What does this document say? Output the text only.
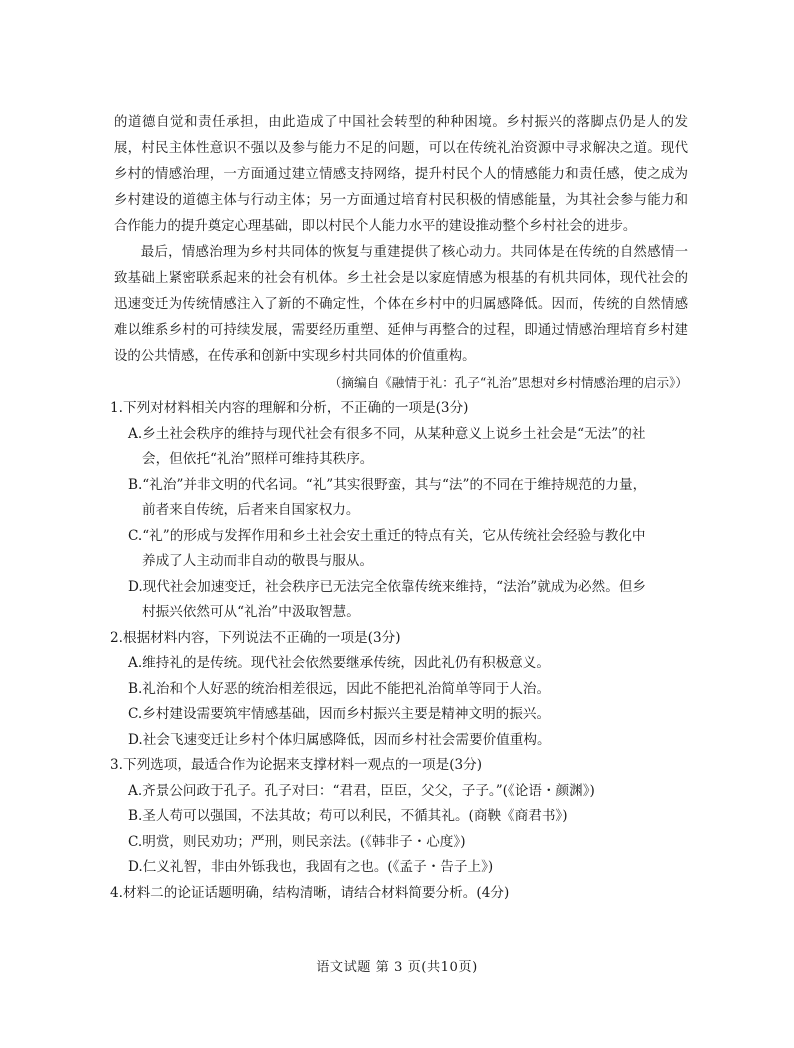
的道德自觉和责任承担，由此造成了中国社会转型的种种困境。乡村振兴的落脚点仍是人的发展，村民主体性意识不强以及参与能力不足的问题，可以在传统礼治资源中寻求解决之道。现代乡村的情感治理，一方面通过建立情感支持网络，提升村民个人的情感能力和责任感，使之成为乡村建设的道德主体与行动主体；另一方面通过培育村民积极的情感能量，为其社会参与能力和合作能力的提升奠定心理基础，即以村民个人能力水平的建设推动整个乡村社会的进步。

最后，情感治理为乡村共同体的恢复与重建提供了核心动力。共同体是在传统的自然感情一致基础上紧密联系起来的社会有机体。乡土社会是以家庭情感为根基的有机共同体，现代社会的迅速变迁为传统情感注入了新的不确定性，个体在乡村中的归属感降低。因而，传统的自然情感难以维系乡村的可持续发展，需要经历重塑、延伸与再整合的过程，即通过情感治理培育乡村建设的公共情感，在传承和创新中实现乡村共同体的价值重构。

（摘编自《融情于礼：孔子“礼治”思想对乡村情感治理的启示》）

1.下列对材料相关内容的理解和分析，不正确的一项是(3分)

A.乡土社会秩序的维持与现代社会有很多不同，从某种意义上说乡土社会是“无法”的社
会，但依托“礼治”照样可维持其秩序。

B.“礼治”并非文明的代名词。“礼”其实很野蛮，其与“法”的不同在于维持规范的力量，
前者来自传统，后者来自国家权力。

C.“礼”的形成与发挥作用和乡土社会安土重迁的特点有关，它从传统社会经验与教化中
养成了人主动而非自动的敬畏与服从。

D.现代社会加速变迁，社会秩序已无法完全依靠传统来维持，“法治”就成为必然。但乡
村振兴依然可从“礼治”中汲取智慧。

2.根据材料内容，下列说法不正确的一项是(3分)

A.维持礼的是传统。现代社会依然要继承传统，因此礼仍有积极意义。

B.礼治和个人好恶的统治相差很远，因此不能把礼治简单等同于人治。

C.乡村建设需要筑牢情感基础，因而乡村振兴主要是精神文明的振兴。

D.社会飞速变迁让乡村个体归属感降低，因而乡村社会需要价值重构。

3.下列选项，最适合作为论据来支撑材料一观点的一项是(3分)

A.齐景公问政于孔子。孔子对曰：“君君，臣臣，父父，子子。”(《论语・颜渊》)

B.圣人苟可以强国，不法其故；苟可以利民，不循其礼。(商鞅《商君书》)

C.明赏，则民劝功；严刑，则民亲法。(《韩非子・心度》)

D.仁义礼智，非由外铄我也，我固有之也。(《孟子・告子上》)

4.材料二的论证话题明确，结构清晰，请结合材料简要分析。(4分)

语文试题 第 3 页(共10页)
